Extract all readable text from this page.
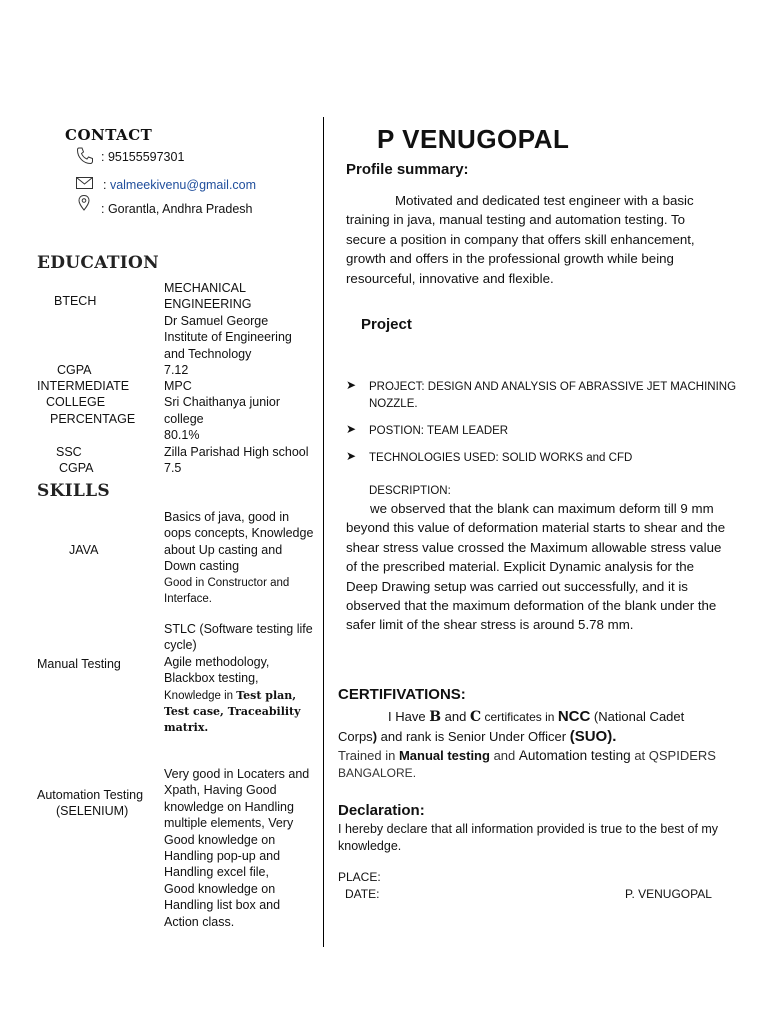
CONTACT
: 95155597301
: valmeekivenu@gmail.com
: Gorantla, Andhra Pradesh
EDUCATION
BTECH
MECHANICAL
ENGINEERING
Dr Samuel George
Institute of Engineering
and Technology
CGPA	7.12
INTERMEDIATE
COLLEGE
PERCENTAGE
MPC
Sri Chaithanya junior
college
80.1%
SSC
CGPA
Zilla Parishad High school
7.5
SKILLS
JAVA
Basics of java, good in
oops concepts, Knowledge
about Up casting and
Down casting
Good in Constructor and
Interface.
Manual Testing
STLC (Software testing life
cycle)
Agile methodology,
Blackbox testing,
Knowledge in Test plan,
Test case, Traceability
matrix.
Automation Testing
(SELENIUM)
Very good in Locaters and
Xpath, Having Good
knowledge on Handling
multiple elements, Very
Good knowledge on
Handling pop-up and
Handling excel file,
Good knowledge on
Handling list box and
Action class.
P VENUGOPAL
Profile summary:
Motivated and dedicated test engineer with a basic training in java, manual testing and automation testing. To secure a position in company that offers skill enhancement, growth and offers in the professional growth while being resourceful, innovative and flexible.
Project
➤ PROJECT: DESIGN AND ANALYSIS OF ABRASSIVE JET MACHINING NOZZLE.
➤ POSTION: TEAM LEADER
➤ TECHNOLOGIES USED: SOLID WORKS and CFD
DESCRIPTION:
we observed that the blank can maximum deform till 9 mm beyond this value of deformation material starts to shear and the shear stress value crossed the Maximum allowable stress value of the prescribed material. Explicit Dynamic analysis for the Deep Drawing setup was carried out successfully, and it is observed that the maximum deformation of the blank under the safer limit of the shear stress is around 5.78 mm.
CERTIFIVATIONS:
I Have B and C certificates in NCC (National Cadet
Corps) and rank is Senior Under Officer (SUO).
Trained in Manual testing and Automation testing at QSPIDERS
BANGALORE.
Declaration:
I hereby declare that all information provided is true to the best of my knowledge.
PLACE:
DATE:	P. VENUGOPAL
